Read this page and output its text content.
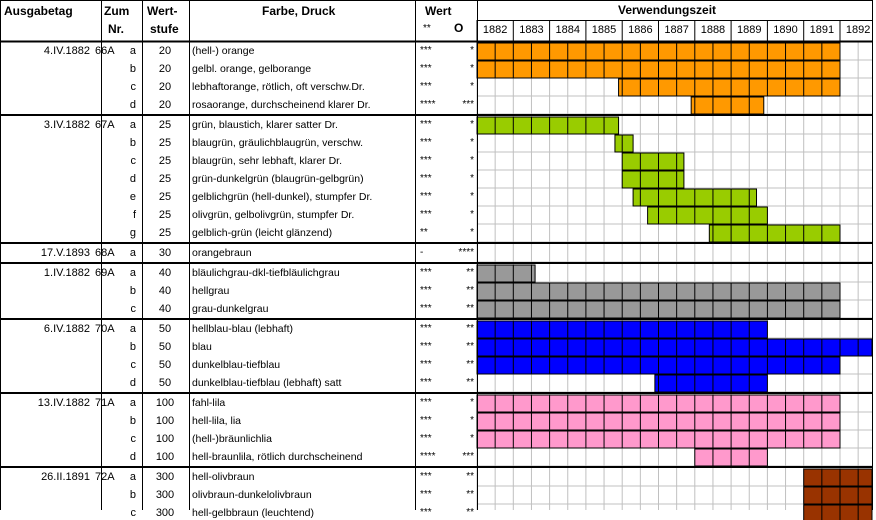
Ausgabetag	Zum
Nr.
Wert-
stufe
Farbe, Druck	Wert
** O
Verwendungszeit
1882	1883	1884	1885	1886	1887	1888	1889	1890	1891	1892
4.IV.1882 66A	a	20	(hell-) orange	***	*
b	20	gelbl. orange, gelborange	***	*
c	20	lebhaftorange, rötlich, oft verschw.Dr.	***	*
d	20	rosaorange, durchscheinend klarer Dr.	****	***
3.IV.1882 67A	a	25	grün, blaustich, klarer satter Dr.	***	*
b	25	blaugrün, gräulichblaugrün, verschw.	***	*
c	25	blaugrün, sehr lebhaft, klarer Dr.	***	*
d	25	grün-dunkelgrün (blaugrün-gelbgrün)	***	*
e	25	gelblichgrün (hell-dunkel), stumpfer Dr.	***	*
f	25	olivgrün, gelbolivgrün, stumpfer Dr.	***	*
g	25	gelblich-grün (leicht glänzend)	**	*
17.V.1893 68A	a	30	orangebraun	-	****
1.IV.1882 69A	a	40	bläulichgrau-dkl-tiefbläulichgrau	***	**
b	40	hellgrau	***	**
c	40	grau-dunkelgrau	***	**
6.IV.1882 70A	a	50	hellblau-blau (lebhaft)	***	**
b	50	blau	***	**
c	50	dunkelblau-tiefblau	***	**
d	50	dunkelblau-tiefblau (lebhaft) satt	***	**
13.IV.1882 71A	a	100	fahl-lila	***	*
b	100	hell-lila, lia	***	*
c	100	(hell-)bräunlichlia	***	*
d	100	hell-braunlila, rötlich durchscheinend	****	***
26.II.1891 72A	a	300	hell-olivbraun	***	**
b	300	olivbraun-dunkelolivbraun	***	**
c	300	hell-gelbbraun (leuchtend)	***	**
